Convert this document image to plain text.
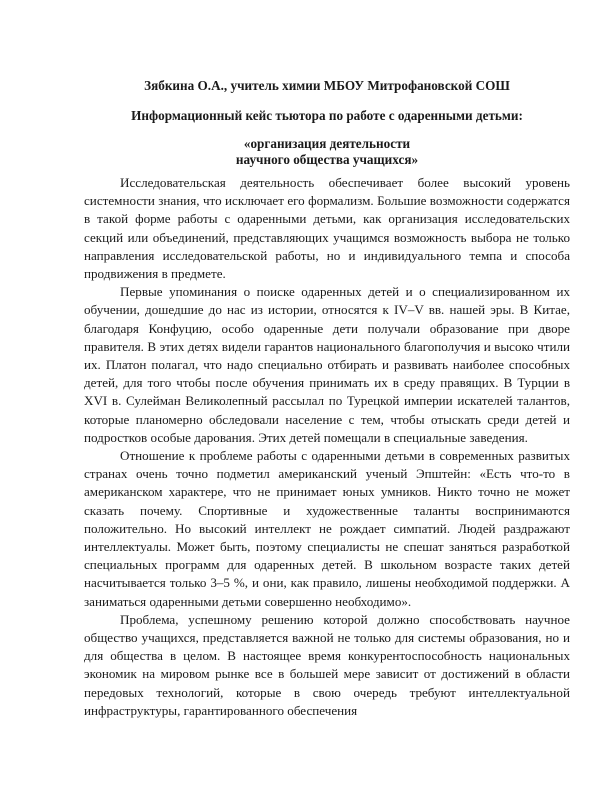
Зябкина О.А., учитель химии МБОУ Митрофановской СОШ

Информационный кейс тьютора по работе с одаренными детьми:

«организация деятельности

научного общества учащихся»

Исследовательская деятельность обеспечивает более высокий уровень системности знания, что исключает его формализм. Большие возможности содержатся в такой форме работы с одаренными детьми, как организация исследовательских секций или объединений, представляющих учащимся возможность выбора не только направления исследовательской работы, но и индивидуального темпа и способа продвижения в предмете.

Первые упоминания о поиске одаренных детей и о специализированном их обучении, дошедшие до нас из истории, относятся к IV–V вв. нашей эры. В Китае, благодаря Конфуцию, особо одаренные дети получали образование при дворе правителя. В этих детях видели гарантов национального благополучия и высоко чтили их. Платон полагал, что надо специально отбирать и развивать наиболее способных детей, для того чтобы после обучения принимать их в среду правящих. В Турции в XVI в. Сулейман Великолепный рассылал по Турецкой империи искателей талантов, которые планомерно обследовали население с тем, чтобы отыскать среди детей и подростков особые дарования. Этих детей помещали в специальные заведения.

Отношение к проблеме работы с одаренными детьми в современных развитых странах очень точно подметил американский ученый Эпштейн: «Есть что-то в американском характере, что не принимает юных умников. Никто точно не может сказать почему. Спортивные и художественные таланты воспринимаются положительно. Но высокий интеллект не рождает симпатий. Людей раздражают интеллектуалы. Может быть, поэтому специалисты не спешат заняться разработкой специальных программ для одаренных детей. В школьном возрасте таких детей насчитывается только 3–5 %, и они, как правило, лишены необходимой поддержки. А заниматься одаренными детьми совершенно необходимо».

Проблема, успешному решению которой должно способствовать научное общество учащихся, представляется важной не только для системы образования, но и для общества в целом. В настоящее время конкурентоспособность национальных экономик на мировом рынке все в большей мере зависит от достижений в области передовых технологий, которые в свою очередь требуют интеллектуальной инфраструктуры, гарантированного обеспечения
